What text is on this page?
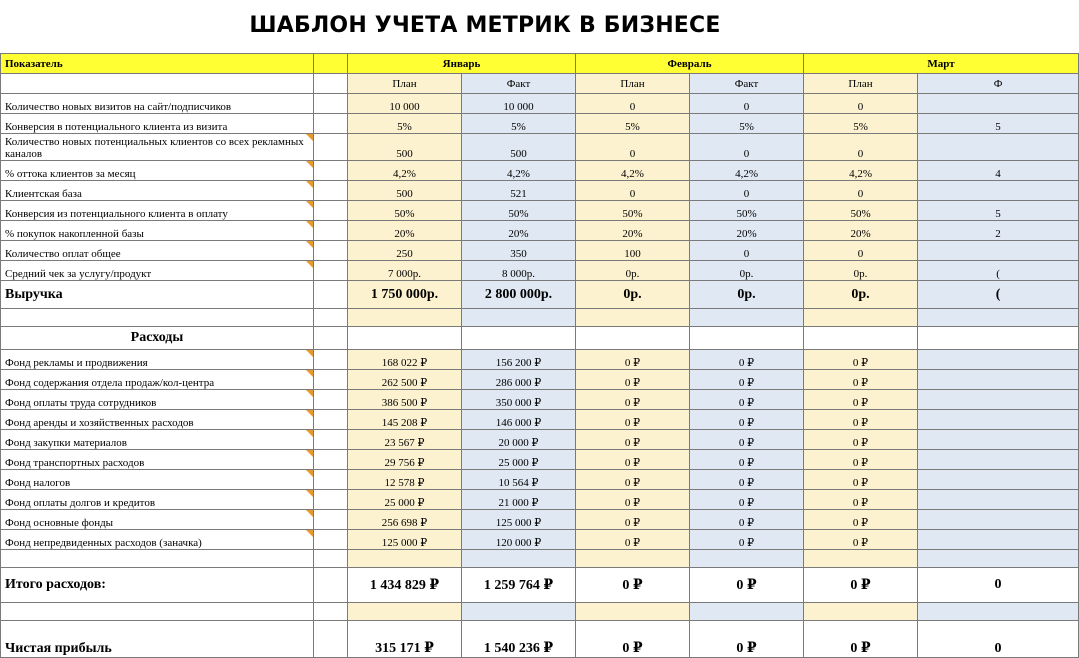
ШАБЛОН УЧЕТА МЕТРИК В БИЗНЕСЕ
Показатель		Январь		Февраль		Март	
		План	Факт	План	Факт	План	Ф
Количество новых визитов на сайт/подписчиков		10 000	10 000	0	0	0	
Конверсия в потенциального клиента из визита		5%	5%	5%	5%	5%	5
Количество новых потенциальных клиентов со всех рекламных каналов		500	500	0	0	0	
% оттока клиентов за месяц		4,2%	4,2%	4,2%	4,2%	4,2%	4
Клиентская база		500	521	0	0	0	
Конверсия из потенциального клиента в оплату		50%	50%	50%	50%	50%	5
% покупок накопленной базы		20%	20%	20%	20%	20%	2
Количество оплат общее		250	350	100	0	0	
Средний чек за услугу/продукт		7 000р.	8 000р.	0р.	0р.	0р.	(
Выручка		1 750 000р.	2 800 000р.	0р.	0р.	0р.	(

Расходы							
Фонд рекламы и продвижения		168 022 ₽	156 200 ₽	0 ₽	0 ₽	0 ₽	
Фонд содержания отдела продаж/кол-центра		262 500 ₽	286 000 ₽	0 ₽	0 ₽	0 ₽	
Фонд оплаты труда сотрудников		386 500 ₽	350 000 ₽	0 ₽	0 ₽	0 ₽	
Фонд аренды и хозяйственных расходов		145 208 ₽	146 000 ₽	0 ₽	0 ₽	0 ₽	
Фонд закупки материалов		23 567 ₽	20 000 ₽	0 ₽	0 ₽	0 ₽	
Фонд транспортных расходов		29 756 ₽	25 000 ₽	0 ₽	0 ₽	0 ₽	
Фонд налогов		12 578 ₽	10 564 ₽	0 ₽	0 ₽	0 ₽	
Фонд оплаты долгов и кредитов		25 000 ₽	21 000 ₽	0 ₽	0 ₽	0 ₽	
Фонд основные фонды		256 698 ₽	125 000 ₽	0 ₽	0 ₽	0 ₽	
Фонд непредвиденных расходов (заначка)		125 000 ₽	120 000 ₽	0 ₽	0 ₽	0 ₽	

Итого расходов:		1 434 829 ₽	1 259 764 ₽	0 ₽	0 ₽	0 ₽	0

Чистая прибыль		315 171 ₽	1 540 236 ₽	0 ₽	0 ₽	0 ₽	0
